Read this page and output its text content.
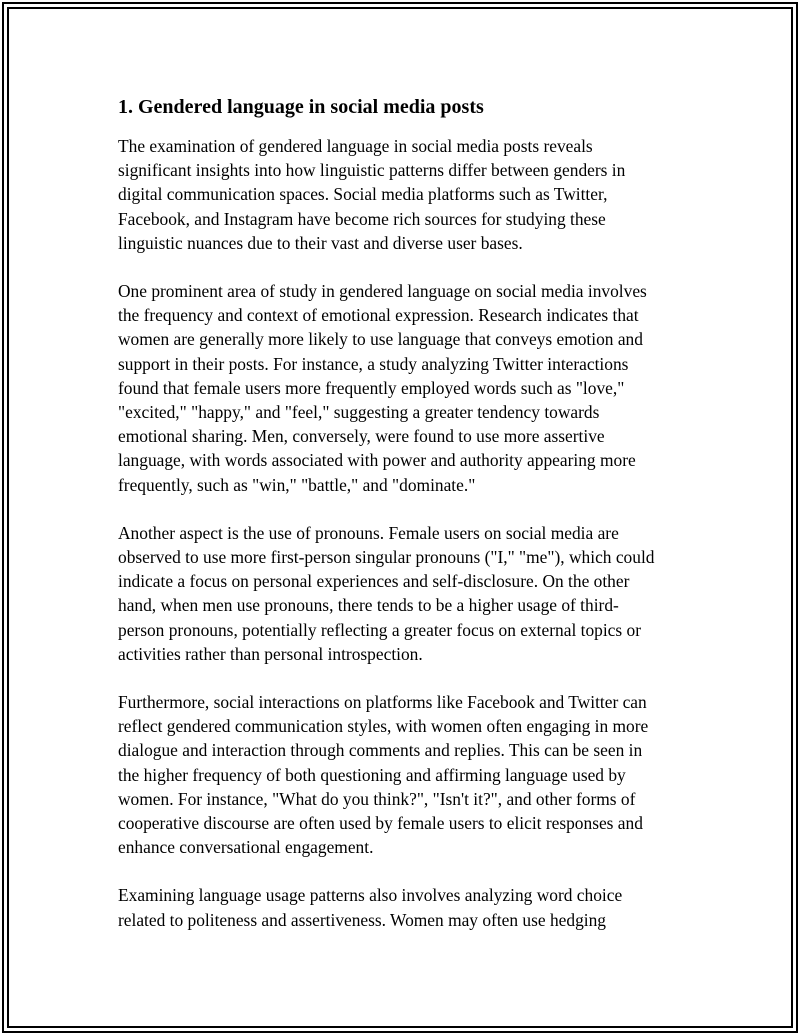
1. Gendered language in social media posts

The examination of gendered language in social media posts reveals
significant insights into how linguistic patterns differ between genders in
digital communication spaces. Social media platforms such as Twitter,
Facebook, and Instagram have become rich sources for studying these
linguistic nuances due to their vast and diverse user bases.

One prominent area of study in gendered language on social media involves
the frequency and context of emotional expression. Research indicates that
women are generally more likely to use language that conveys emotion and
support in their posts. For instance, a study analyzing Twitter interactions
found that female users more frequently employed words such as "love,"
"excited," "happy," and "feel," suggesting a greater tendency towards
emotional sharing. Men, conversely, were found to use more assertive
language, with words associated with power and authority appearing more
frequently, such as "win," "battle," and "dominate."

Another aspect is the use of pronouns. Female users on social media are
observed to use more first-person singular pronouns ("I," "me"), which could
indicate a focus on personal experiences and self-disclosure. On the other
hand, when men use pronouns, there tends to be a higher usage of third-
person pronouns, potentially reflecting a greater focus on external topics or
activities rather than personal introspection.

Furthermore, social interactions on platforms like Facebook and Twitter can
reflect gendered communication styles, with women often engaging in more
dialogue and interaction through comments and replies. This can be seen in
the higher frequency of both questioning and affirming language used by
women. For instance, "What do you think?", "Isn't it?", and other forms of
cooperative discourse are often used by female users to elicit responses and
enhance conversational engagement.

Examining language usage patterns also involves analyzing word choice
related to politeness and assertiveness. Women may often use hedging
